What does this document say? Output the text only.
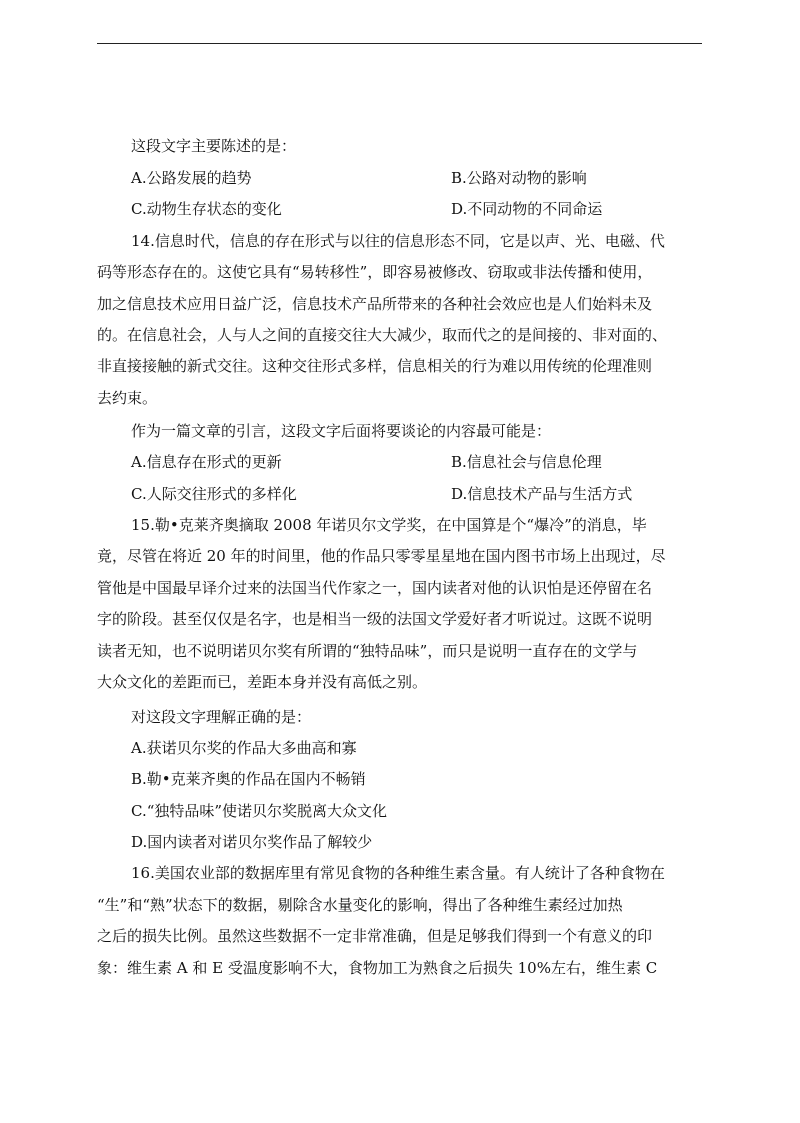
这段文字主要陈述的是：
A.公路发展的趋势	B.公路对动物的影响
C.动物生存状态的变化	D.不同动物的不同命运
14.信息时代，信息的存在形式与以往的信息形态不同，它是以声、光、电磁、代
码等形态存在的。这使它具有“易转移性”，即容易被修改、窃取或非法传播和使用，
加之信息技术应用日益广泛，信息技术产品所带来的各种社会效应也是人们始料未及
的。在信息社会，人与人之间的直接交往大大减少，取而代之的是间接的、非对面的、
非直接接触的新式交往。这种交往形式多样，信息相关的行为难以用传统的伦理准则
去约束。
作为一篇文章的引言，这段文字后面将要谈论的内容最可能是：
A.信息存在形式的更新	B.信息社会与信息伦理
C.人际交往形式的多样化	D.信息技术产品与生活方式
15.勒•克莱齐奥摘取 2008 年诺贝尔文学奖，在中国算是个“爆冷”的消息，毕
竟，尽管在将近 20 年的时间里，他的作品只零零星星地在国内图书市场上出现过，尽
管他是中国最早译介过来的法国当代作家之一，国内读者对他的认识怕是还停留在名
字的阶段。甚至仅仅是名字，也是相当一级的法国文学爱好者才听说过。这既不说明
读者无知，也不说明诺贝尔奖有所谓的“独特品味”，而只是说明一直存在的文学与
大众文化的差距而已，差距本身并没有高低之别。
对这段文字理解正确的是：
A.获诺贝尔奖的作品大多曲高和寡
B.勒•克莱齐奥的作品在国内不畅销
C.“独特品味”使诺贝尔奖脱离大众文化
D.国内读者对诺贝尔奖作品了解较少
16.美国农业部的数据库里有常见食物的各种维生素含量。有人统计了各种食物在
“生”和“熟”状态下的数据，剔除含水量变化的影响，得出了各种维生素经过加热
之后的损失比例。虽然这些数据不一定非常准确，但是足够我们得到一个有意义的印
象：维生素 A 和 E 受温度影响不大，食物加工为熟食之后损失 10%左右，维生素 C
